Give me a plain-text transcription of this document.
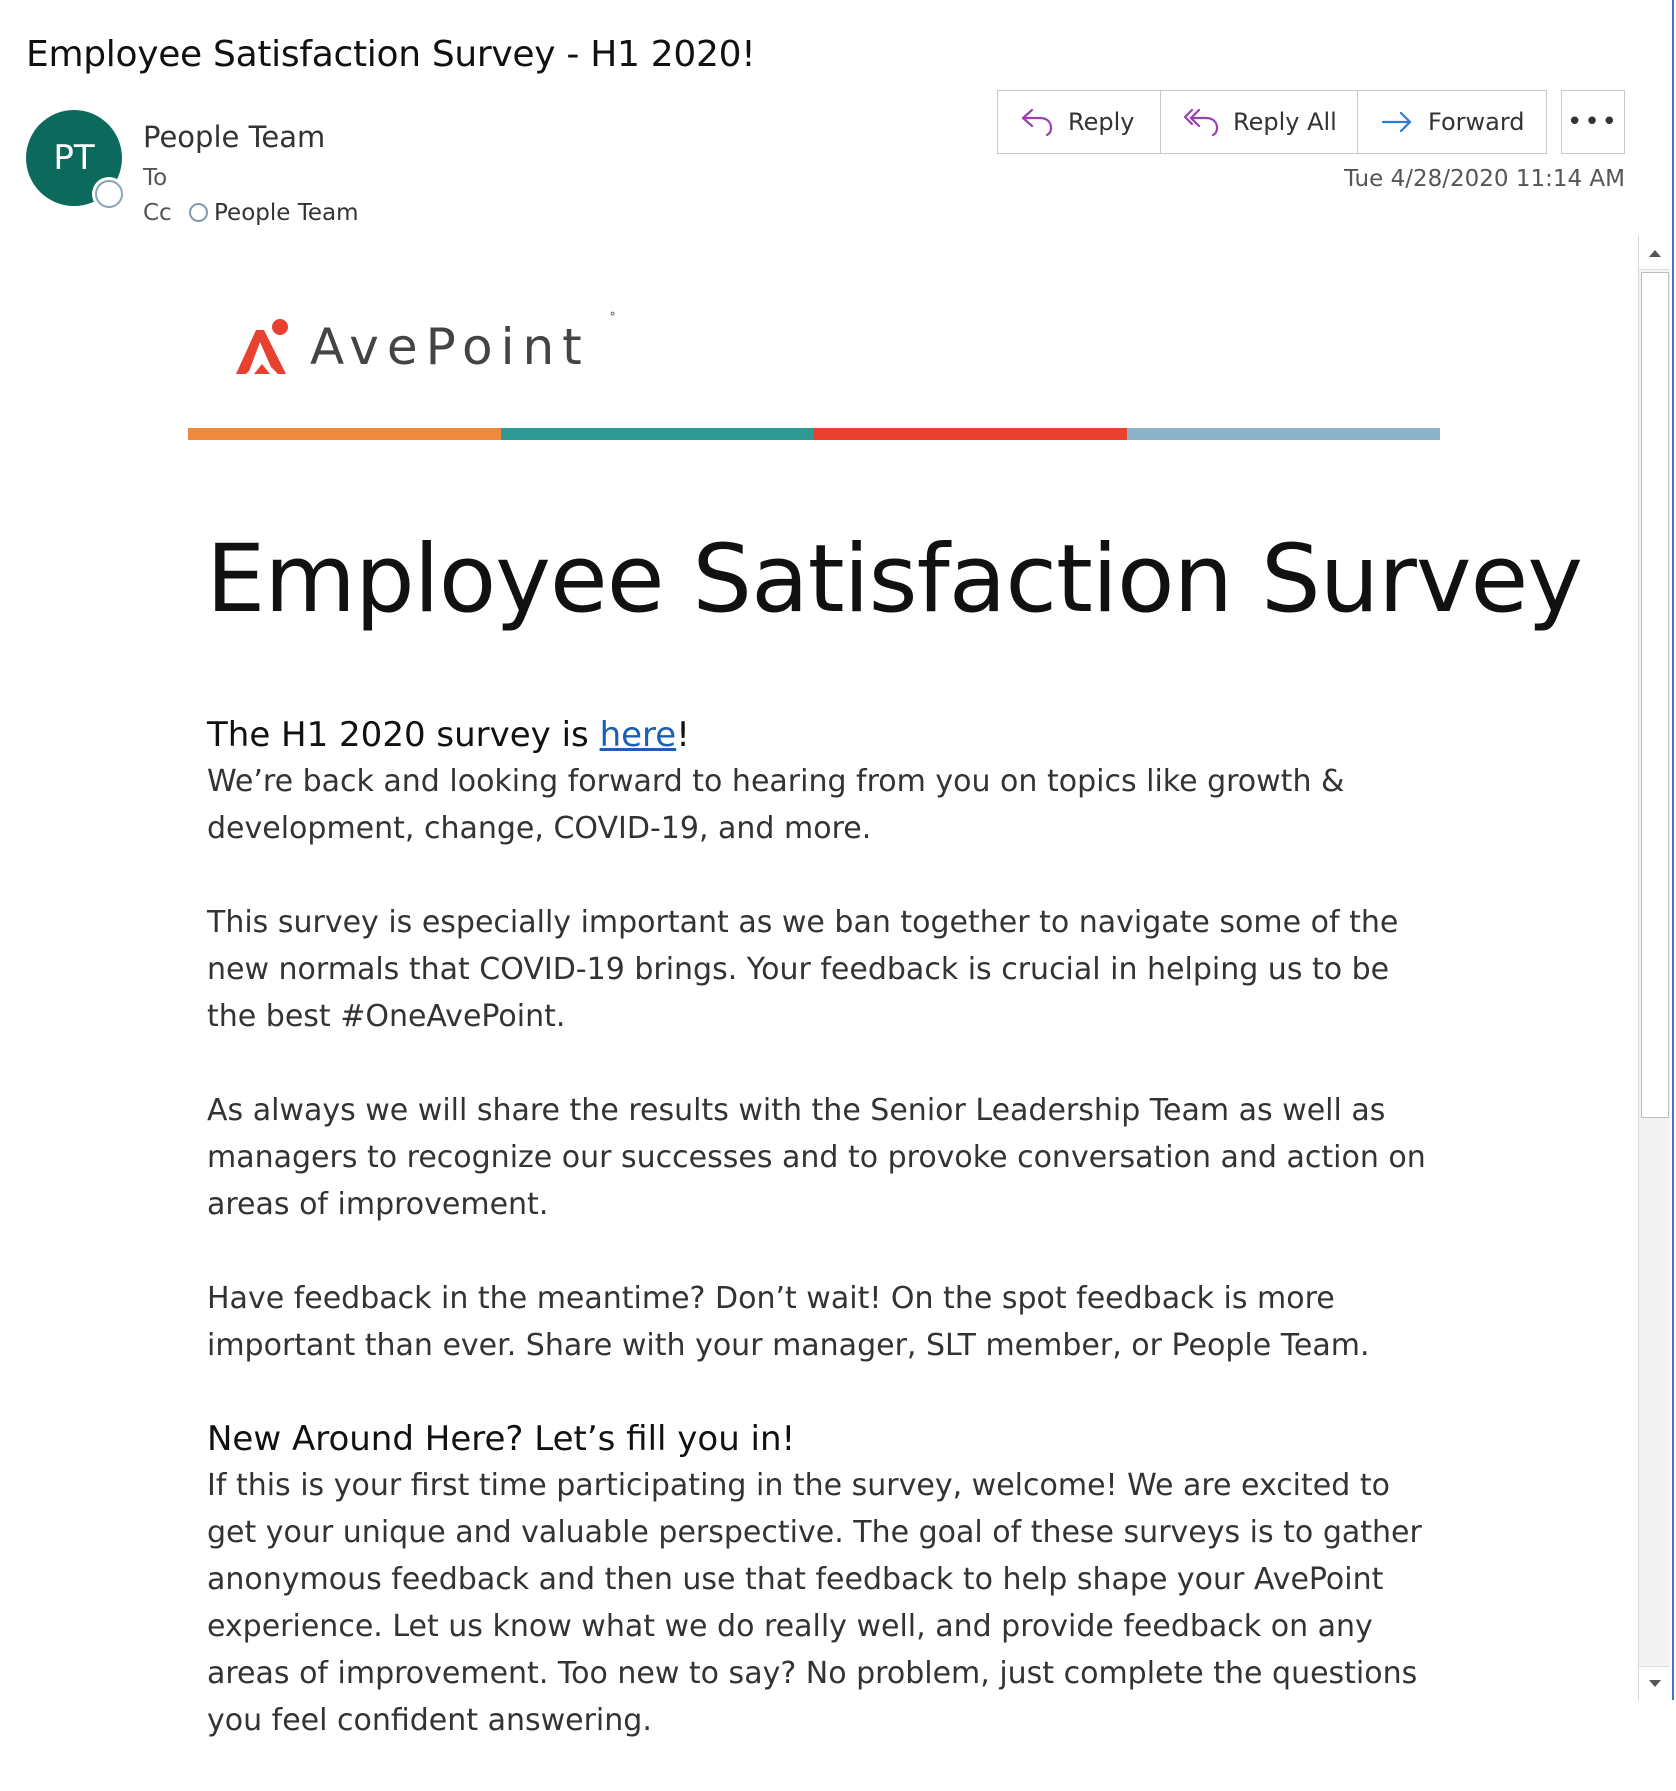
Employee Satisfaction Survey - H1 2020!
PT
People Team
To
Cc People Team
Reply	Reply All	Forward •••
Tue 4/28/2020 11:14 AM
AvePoint ˚
Employee Satisfaction Survey
The H1 2020 survey is here!

We’re back and looking forward to hearing from you on topics like growth & development, change, COVID-19, and more.

This survey is especially important as we ban together to navigate some of the new normals that COVID-19 brings. Your feedback is crucial in helping us to be the best #OneAvePoint.

As always we will share the results with the Senior Leadership Team as well as managers to recognize our successes and to provoke conversation and action on areas of improvement.

Have feedback in the meantime? Don’t wait! On the spot feedback is more important than ever. Share with your manager, SLT member, or People Team.

New Around Here? Let’s fill you in!

If this is your first time participating in the survey, welcome! We are excited to get your unique and valuable perspective. The goal of these surveys is to gather anonymous feedback and then use that feedback to help shape your AvePoint experience. Let us know what we do really well, and provide feedback on any areas of improvement. Too new to say? No problem, just complete the questions you feel confident answering.
